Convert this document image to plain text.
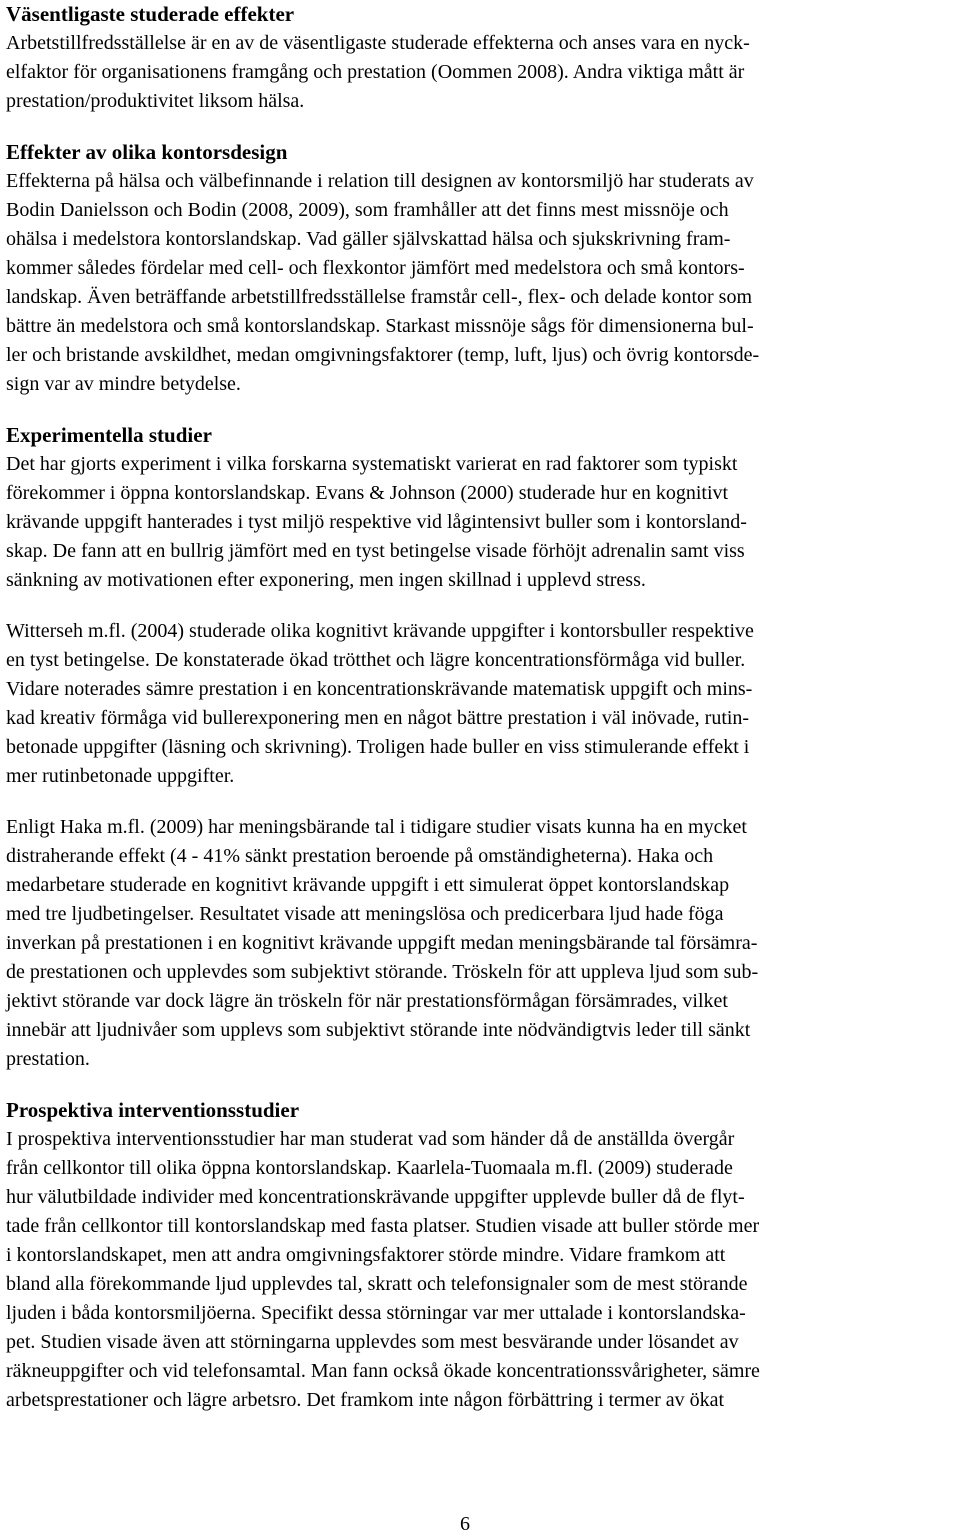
Väsentligaste studerade effekter

Arbetstillfredsställelse är en av de väsentligaste studerade effekterna och anses vara en nyck-
elfaktor för organisationens framgång och prestation (Oommen 2008). Andra viktiga mått är
prestation/produktivitet liksom hälsa.

Effekter av olika kontorsdesign

Effekterna på hälsa och välbefinnande i relation till designen av kontorsmiljö har studerats av
Bodin Danielsson och Bodin (2008, 2009), som framhåller att det finns mest missnöje och
ohälsa i medelstora kontorslandskap. Vad gäller självskattad hälsa och sjukskrivning fram-
kommer således fördelar med cell- och flexkontor jämfört med medelstora och små kontors-
landskap. Även beträffande arbetstillfredsställelse framstår cell-, flex- och delade kontor som
bättre än medelstora och små kontorslandskap. Starkast missnöje sågs för dimensionerna bul-
ler och bristande avskildhet, medan omgivningsfaktorer (temp, luft, ljus) och övrig kontorsde-
sign var av mindre betydelse.

Experimentella studier

Det har gjorts experiment i vilka forskarna systematiskt varierat en rad faktorer som typiskt
förekommer i öppna kontorslandskap. Evans & Johnson (2000) studerade hur en kognitivt
krävande uppgift hanterades i tyst miljö respektive vid lågintensivt buller som i kontorsland-
skap. De fann att en bullrig jämfört med en tyst betingelse visade förhöjt adrenalin samt viss
sänkning av motivationen efter exponering, men ingen skillnad i upplevd stress.

Witterseh m.fl. (2004) studerade olika kognitivt krävande uppgifter i kontorsbuller respektive
en tyst betingelse. De konstaterade ökad trötthet och lägre koncentrationsförmåga vid buller.
Vidare noterades sämre prestation i en koncentrationskrävande matematisk uppgift och mins-
kad kreativ förmåga vid bullerexponering men en något bättre prestation i väl inövade, rutin-
betonade uppgifter (läsning och skrivning). Troligen hade buller en viss stimulerande effekt i
mer rutinbetonade uppgifter.

Enligt Haka m.fl. (2009) har meningsbärande tal i tidigare studier visats kunna ha en mycket
distraherande effekt (4 - 41% sänkt prestation beroende på omständigheterna). Haka och
medarbetare studerade en kognitivt krävande uppgift i ett simulerat öppet kontorslandskap
med tre ljudbetingelser. Resultatet visade att meningslösa och predicerbara ljud hade föga
inverkan på prestationen i en kognitivt krävande uppgift medan meningsbärande tal försämra-
de prestationen och upplevdes som subjektivt störande. Tröskeln för att uppleva ljud som sub-
jektivt störande var dock lägre än tröskeln för när prestationsförmågan försämrades, vilket
innebär att ljudnivåer som upplevs som subjektivt störande inte nödvändigtvis leder till sänkt
prestation.

Prospektiva interventionsstudier

I prospektiva interventionsstudier har man studerat vad som händer då de anställda övergår
från cellkontor till olika öppna kontorslandskap. Kaarlela-Tuomaala m.fl. (2009) studerade
hur välutbildade individer med koncentrationskrävande uppgifter upplevde buller då de flyt-
tade från cellkontor till kontorslandskap med fasta platser. Studien visade att buller störde mer
i kontorslandskapet, men att andra omgivningsfaktorer störde mindre. Vidare framkom att
bland alla förekommande ljud upplevdes tal, skratt och telefonsignaler som de mest störande
ljuden i båda kontorsmiljöerna. Specifikt dessa störningar var mer uttalade i kontorslandska-
pet. Studien visade även att störningarna upplevdes som mest besvärande under lösandet av
räkneuppgifter och vid telefonsamtal. Man fann också ökade koncentrationssvårigheter, sämre
arbetsprestationer och lägre arbetsro. Det framkom inte någon förbättring i termer av ökat

6
